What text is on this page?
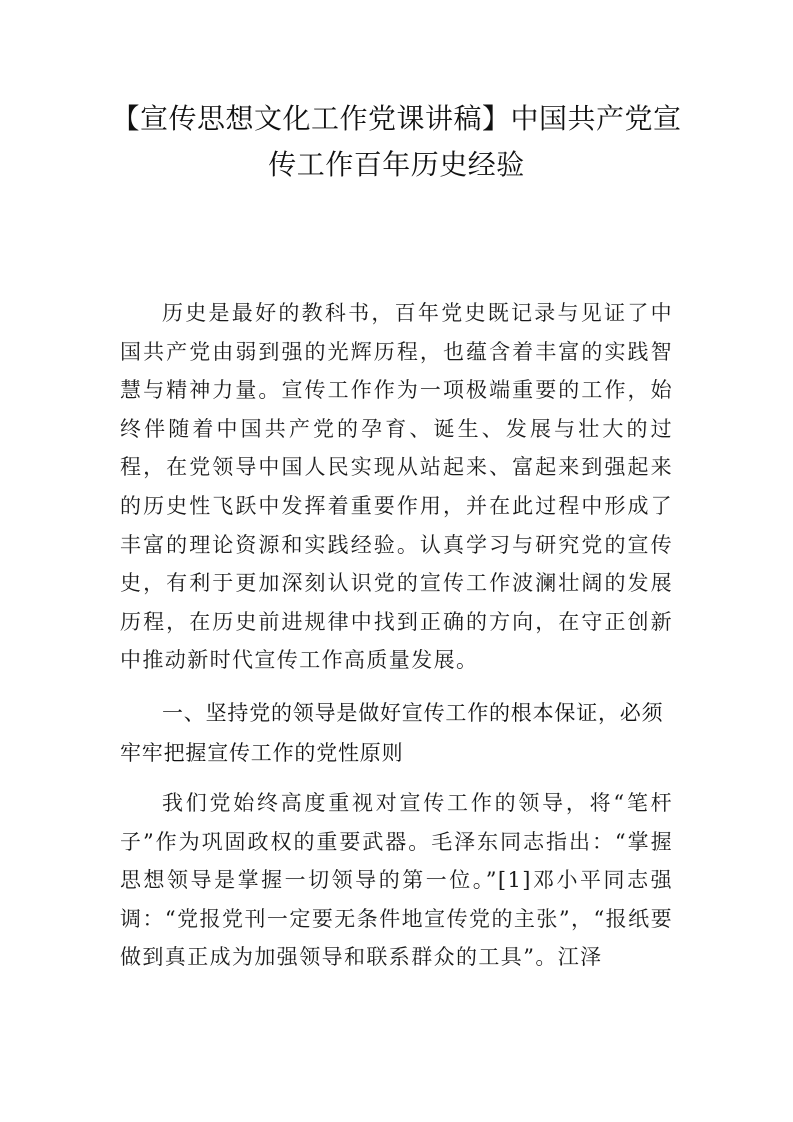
【宣传思想文化工作党课讲稿】中国共产党宣
传工作百年历史经验

历史是最好的教科书，百年党史既记录与见证了中国共产党由弱到强的光辉历程，也蕴含着丰富的实践智慧与精神力量。宣传工作作为一项极端重要的工作，始终伴随着中国共产党的孕育、诞生、发展与壮大的过程，在党领导中国人民实现从站起来、富起来到强起来的历史性飞跃中发挥着重要作用，并在此过程中形成了丰富的理论资源和实践经验。认真学习与研究党的宣传史，有利于更加深刻认识党的宣传工作波澜壮阔的发展历程，在历史前进规律中找到正确的方向，在守正创新中推动新时代宣传工作高质量发展。

一、坚持党的领导是做好宣传工作的根本保证，必须牢牢把握宣传工作的党性原则

我们党始终高度重视对宣传工作的领导，将“笔杆子”作为巩固政权的重要武器。毛泽东同志指出：“掌握思想领导是掌握一切领导的第一位。”[1]邓小平同志强调：“党报党刊一定要无条件地宣传党的主张”，“报纸要做到真正成为加强领导和联系群众的工具”。江泽
